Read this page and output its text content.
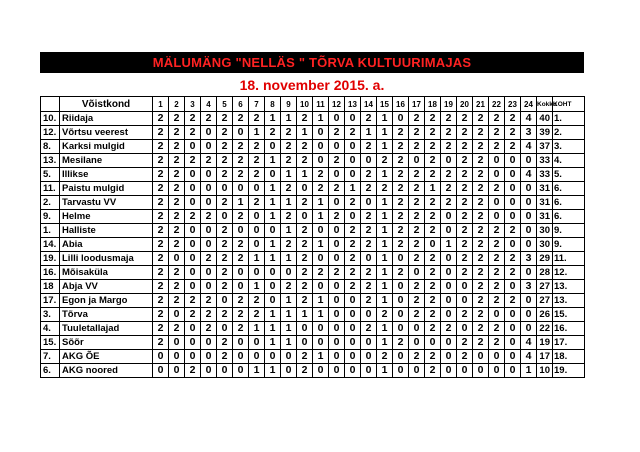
MÄLUMÄNG "NELLÄS " TÕRVA KULTUURIMAJAS
18. november 2015. a.
	Võistkond	1	2	3	4	5	6	7	8	9	10	11	12	13	14	15	16	17	18	19	20	21	22	23	24	Kokku	KOHT
10.	Riidaja	2	2	2	2	2	2	2	1	1	2	1	0	0	2	1	0	2	2	2	2	2	2	2	4	40	1.
12.	Võrtsu veerest	2	2	2	0	2	0	1	2	2	1	0	2	2	1	1	2	2	2	2	2	2	2	2	3	39	2.
8.	Karksi mulgid	2	2	0	0	2	2	2	0	2	2	0	0	0	2	1	2	2	2	2	2	2	2	2	4	37	3.
13.	Mesilane	2	2	2	2	2	2	2	1	2	2	0	2	0	0	2	2	0	2	0	2	2	0	0	0	33	4.
5.	Illikse	2	2	0	0	2	2	2	0	1	1	2	0	0	2	1	2	2	2	2	2	2	0	0	4	33	5.
11.	Paistu mulgid	2	2	0	0	0	0	0	1	2	0	2	2	1	2	2	2	2	1	2	2	2	2	0	0	31	6.
2.	Tarvastu VV	2	2	0	0	2	1	2	1	1	2	1	0	2	0	1	2	2	2	2	2	2	0	0	0	31	6.
9.	Helme	2	2	2	2	0	2	0	1	2	0	1	2	0	2	1	2	2	2	0	2	2	0	0	0	31	6.
1.	Halliste	2	2	0	0	2	0	0	0	1	2	0	0	2	2	1	2	2	2	0	2	2	2	2	0	30	9.
14.	Abia	2	2	0	0	2	2	0	1	2	2	1	0	2	2	1	2	2	0	1	2	2	2	0	0	30	9.
19.	Lilli loodusmaja	2	0	0	2	2	2	1	1	1	2	0	0	2	0	1	0	2	2	0	2	2	2	2	3	29	11.
16.	Mõisaküla	2	2	0	0	2	0	0	0	0	2	2	2	2	2	1	2	0	2	0	2	2	2	2	0	28	12.
18	Abja VV	2	2	0	0	2	0	1	0	2	2	0	0	2	2	1	0	2	2	0	0	2	2	0	3	27	13.
17.	Egon ja Margo	2	2	2	2	0	2	2	0	1	2	1	0	0	2	1	0	2	2	0	0	2	2	2	0	27	13.
3.	Tõrva	2	0	2	2	2	2	2	1	1	1	1	0	0	0	2	0	2	2	0	2	2	0	0	0	26	15.
4.	Tuuletallajad	2	2	0	2	0	2	1	1	1	0	0	0	0	2	1	0	0	2	2	0	2	2	0	0	22	16.
15.	Sõõr	2	0	0	0	2	0	0	1	1	0	0	0	0	0	1	2	0	0	0	2	2	2	0	4	19	17.
7.	AKG ÕE	0	0	0	0	2	0	0	0	0	2	1	0	0	0	2	0	2	2	0	2	0	0	0	4	17	18.
6.	AKG noored	0	0	2	0	0	0	1	1	0	2	0	0	0	0	1	0	0	2	0	0	0	0	0	1	10	19.
